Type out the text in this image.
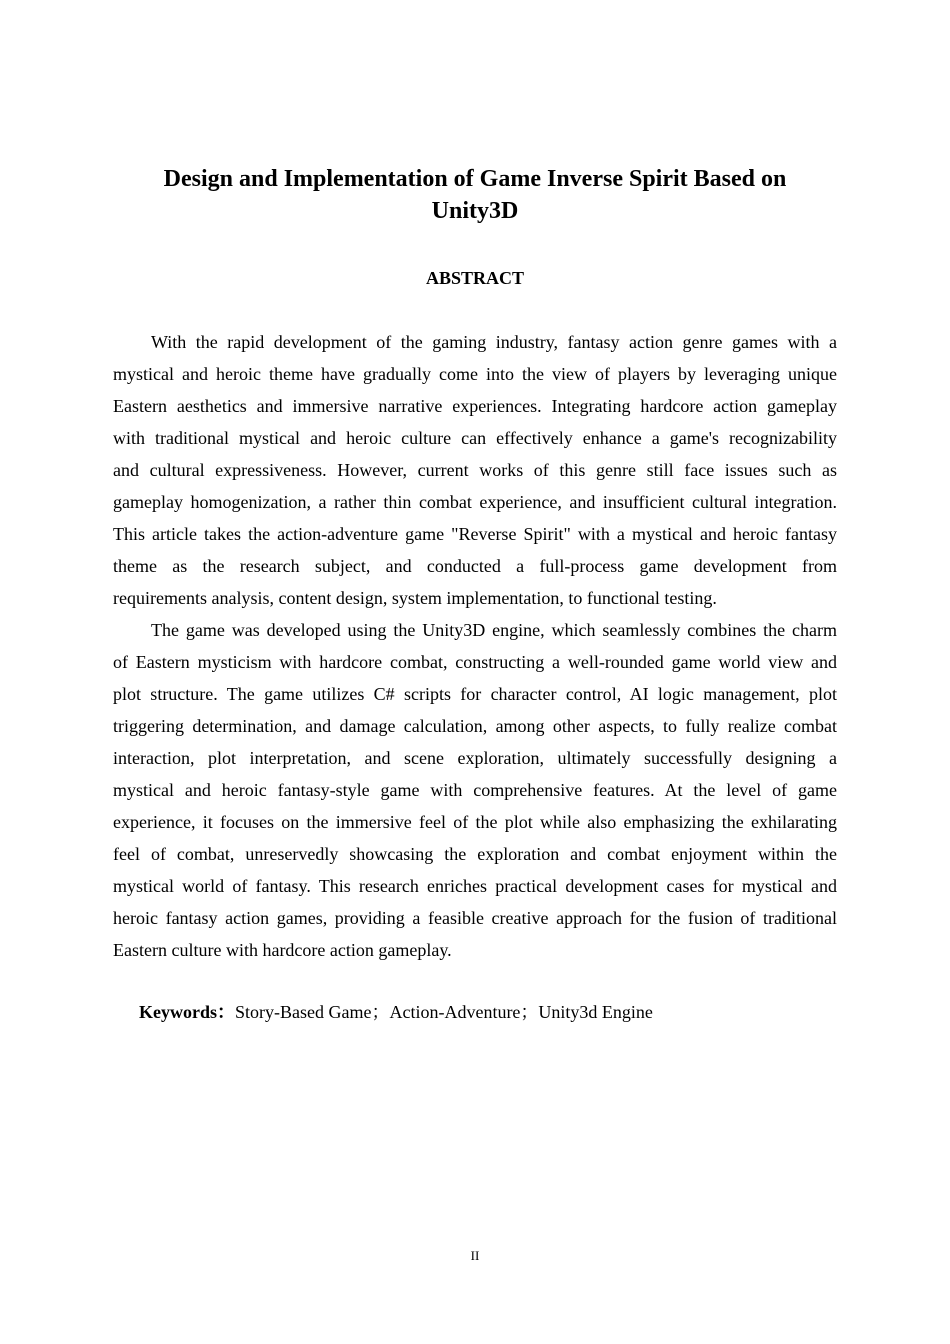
Design and Implementation of Game Inverse Spirit Based on
Unity3D
ABSTRACT
With the rapid development of the gaming industry, fantasy action genre games with a
mystical and heroic theme have gradually come into the view of players by leveraging unique
Eastern aesthetics and immersive narrative experiences. Integrating hardcore action gameplay
with traditional mystical and heroic culture can effectively enhance a game's recognizability
and cultural expressiveness. However, current works of this genre still face issues such as
gameplay homogenization, a rather thin combat experience, and insufficient cultural integration.
This article takes the action-adventure game "Reverse Spirit" with a mystical and heroic fantasy
theme as the research subject, and conducted a full-process game development from
requirements analysis, content design, system implementation, to functional testing.
The game was developed using the Unity3D engine, which seamlessly combines the charm
of Eastern mysticism with hardcore combat, constructing a well-rounded game world view and
plot structure. The game utilizes C# scripts for character control, AI logic management, plot
triggering determination, and damage calculation, among other aspects, to fully realize combat
interaction, plot interpretation, and scene exploration, ultimately successfully designing a
mystical and heroic fantasy-style game with comprehensive features. At the level of game
experience, it focuses on the immersive feel of the plot while also emphasizing the exhilarating
feel of combat, unreservedly showcasing the exploration and combat enjoyment within the
mystical world of fantasy. This research enriches practical development cases for mystical and
heroic fantasy action games, providing a feasible creative approach for the fusion of traditional
Eastern culture with hardcore action gameplay.
Keywords：Story-Based Game；Action-Adventure；Unity3d Engine
II
